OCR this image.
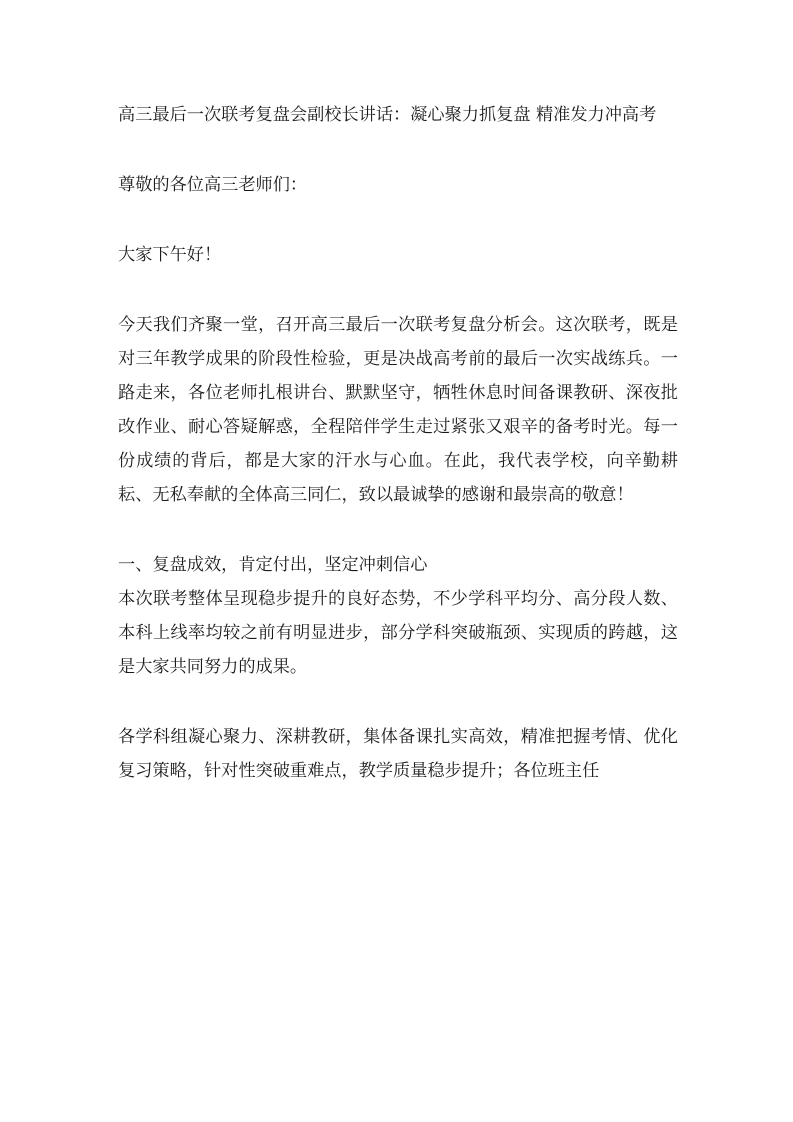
高三最后一次联考复盘会副校长讲话：凝心聚力抓复盘 精准发力冲高考

尊敬的各位高三老师们：

大家下午好！

今天我们齐聚一堂，召开高三最后一次联考复盘分析会。这次联考，既是对三年教学成果的阶段性检验，更是决战高考前的最后一次实战练兵。一路走来，各位老师扎根讲台、默默坚守，牺牲休息时间备课教研、深夜批改作业、耐心答疑解惑，全程陪伴学生走过紧张又艰辛的备考时光。每一份成绩的背后，都是大家的汗水与心血。在此，我代表学校，向辛勤耕耘、无私奉献的全体高三同仁，致以最诚挚的感谢和最崇高的敬意！

一、复盘成效，肯定付出，坚定冲刺信心

本次联考整体呈现稳步提升的良好态势，不少学科平均分、高分段人数、本科上线率均较之前有明显进步，部分学科突破瓶颈、实现质的跨越，这是大家共同努力的成果。

各学科组凝心聚力、深耕教研，集体备课扎实高效，精准把握考情、优化复习策略，针对性突破重难点，教学质量稳步提升；各位班主任
